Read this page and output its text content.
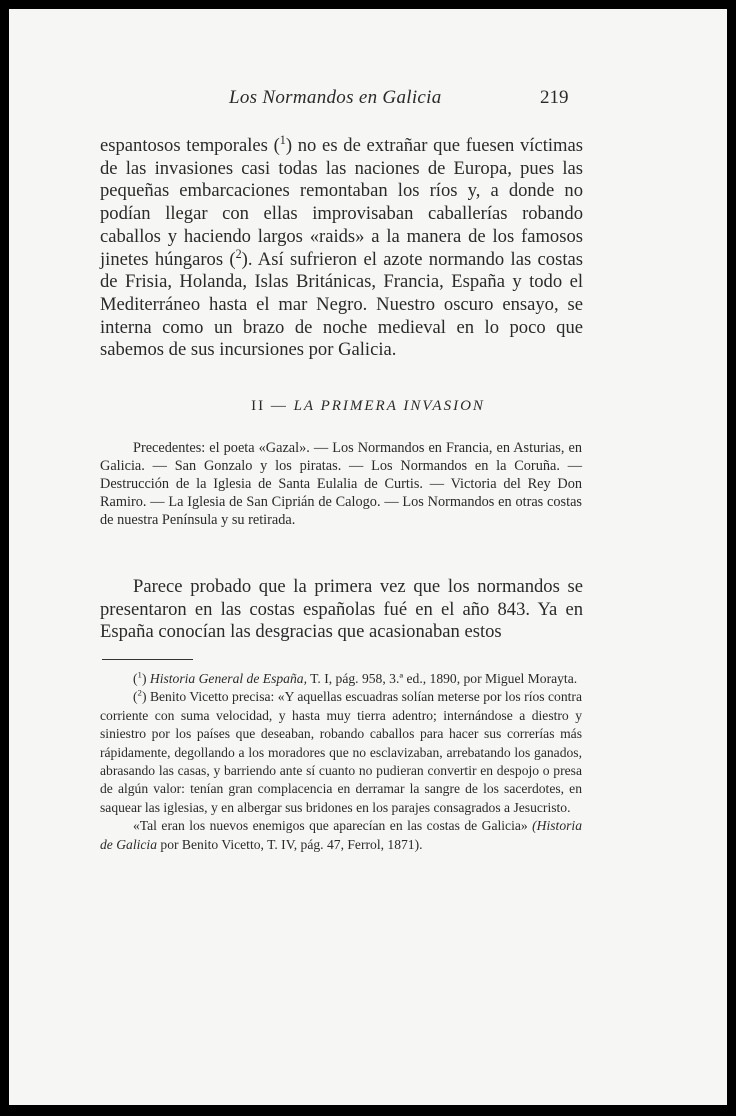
Los Normandos en Galicia	219

espantosos temporales ($^1$) no es de extrañar que fuesen víctimas de las invasiones casi todas las naciones de Europa, pues las pequeñas embarcaciones remontaban los ríos y, a donde no podían llegar con ellas improvisaban caballerías robando caballos y haciendo largos «raids» a la manera de los famosos jinetes húngaros ($^2$). Así sufrieron el azote normando las costas de Frisia, Holanda, Islas Británicas, Francia, España y todo el Mediterráneo hasta el mar Negro. Nuestro oscuro ensayo, se interna como un brazo de noche medieval en lo poco que sabemos de sus incursiones por Galicia.

II — LA PRIMERA INVASION

Precedentes: el poeta «Gazal». — Los Normandos en Francia, en Asturias, en Galicia. — San Gonzalo y los piratas. — Los Normandos en la Coruña. — Destrucción de la Iglesia de Santa Eulalia de Curtis. — Victoria del Rey Don Ramiro. — La Iglesia de San Ciprián de Calogo. — Los Normandos en otras costas de nuestra Península y su retirada.

Parece probado que la primera vez que los normandos se presentaron en las costas españolas fué en el año 843. Ya en España conocían las desgracias que acasionaban estos

($^1$) Historia General de España, T. I, pág. 958, 3.ª ed., 1890, por Miguel Morayta.

($^2$) Benito Vicetto precisa: «Y aquellas escuadras solían meterse por los ríos contra corriente con suma velocidad, y hasta muy tierra adentro; internándose a diestro y siniestro por los países que deseaban, robando caballos para hacer sus correrías más rápidamente, degollando a los moradores que no esclavizaban, arrebatando los ganados, abrasando las casas, y barriendo ante sí cuanto no pudieran convertir en despojo o presa de algún valor: tenían gran complacencia en derramar la sangre de los sacerdotes, en saquear las iglesias, y en albergar sus bridones en los parajes consagrados a Jesucristo.

«Tal eran los nuevos enemigos que aparecían en las costas de Galicia» (Historia de Galicia por Benito Vicetto, T. IV, pág. 47, Ferrol, 1871).
